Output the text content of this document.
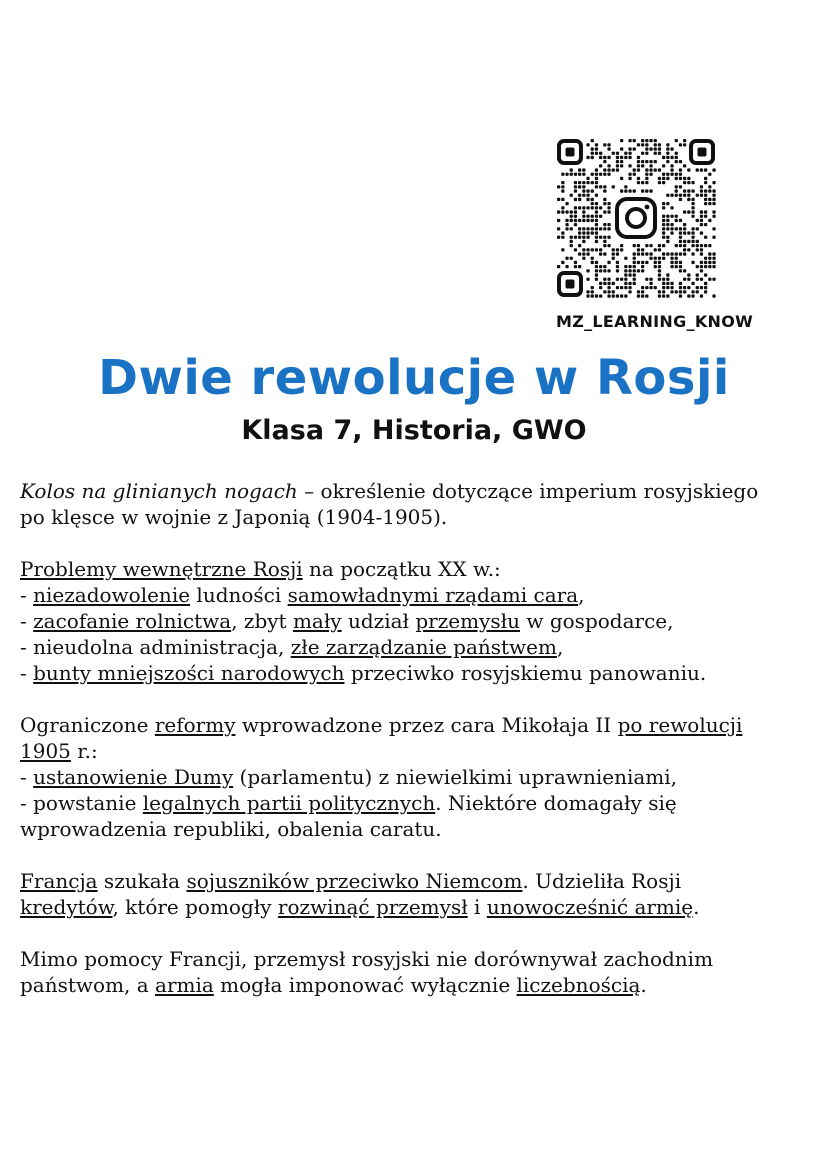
MZ_LEARNING_KNOW
Dwie rewolucje w Rosji
Klasa 7, Historia, GWO

Kolos na glinianych nogach – określenie dotyczące imperium rosyjskiego
po klęsce w wojnie z Japonią (1904-1905).

Problemy wewnętrzne Rosji na początku XX w.:
- niezadowolenie ludności samowładnymi rządami cara,
- zacofanie rolnictwa, zbyt mały udział przemysłu w gospodarce,
- nieudolna administracja, złe zarządzanie państwem,
- bunty mniejszości narodowych przeciwko rosyjskiemu panowaniu.

Ograniczone reformy wprowadzone przez cara Mikołaja II po rewolucji
1905 r.:
- ustanowienie Dumy (parlamentu) z niewielkimi uprawnieniami,
- powstanie legalnych partii politycznych. Niektóre domagały się
wprowadzenia republiki, obalenia caratu.

Francja szukała sojuszników przeciwko Niemcom. Udzieliła Rosji
kredytów, które pomogły rozwinąć przemysł i unowocześnić armię.

Mimo pomocy Francji, przemysł rosyjski nie dorównywał zachodnim
państwom, a armia mogła imponować wyłącznie liczebnością.
